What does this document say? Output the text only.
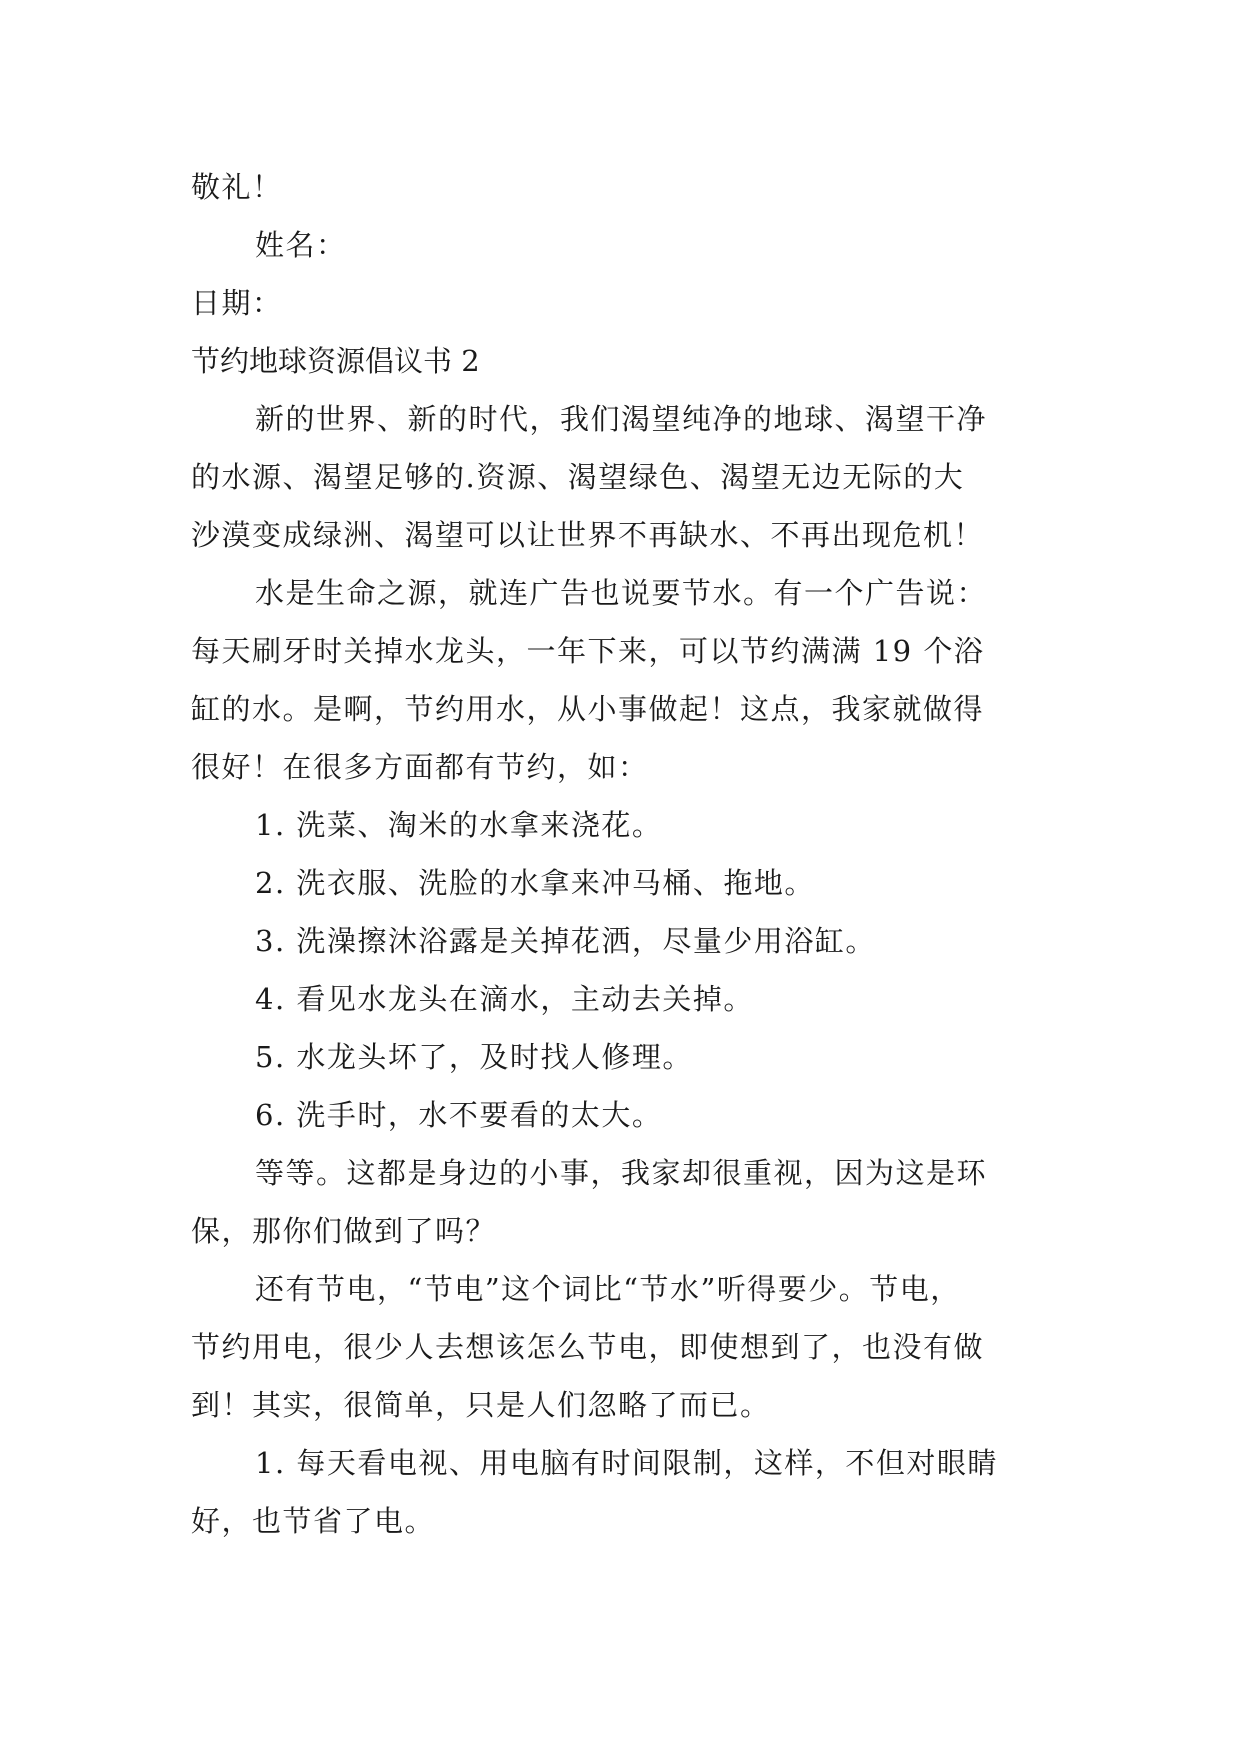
敬礼！
姓名：
日期：
节约地球资源倡议书 2
新的世界、新的时代，我们渴望纯净的地球、渴望干净
的水源、渴望足够的.资源、渴望绿色、渴望无边无际的大
沙漠变成绿洲、渴望可以让世界不再缺水、不再出现危机！
水是生命之源，就连广告也说要节水。有一个广告说：
每天刷牙时关掉水龙头，一年下来，可以节约满满 19 个浴
缸的水。是啊，节约用水，从小事做起！这点，我家就做得
很好！在很多方面都有节约，如：
1. 洗菜、淘米的水拿来浇花。
2. 洗衣服、洗脸的水拿来冲马桶、拖地。
3. 洗澡擦沐浴露是关掉花洒，尽量少用浴缸。
4. 看见水龙头在滴水，主动去关掉。
5. 水龙头坏了，及时找人修理。
6. 洗手时，水不要看的太大。
等等。这都是身边的小事，我家却很重视，因为这是环
保，那你们做到了吗？
还有节电，“节电”这个词比“节水”听得要少。节电，
节约用电，很少人去想该怎么节电，即使想到了，也没有做
到！其实，很简单，只是人们忽略了而已。
1. 每天看电视、用电脑有时间限制，这样，不但对眼睛
好，也节省了电。
